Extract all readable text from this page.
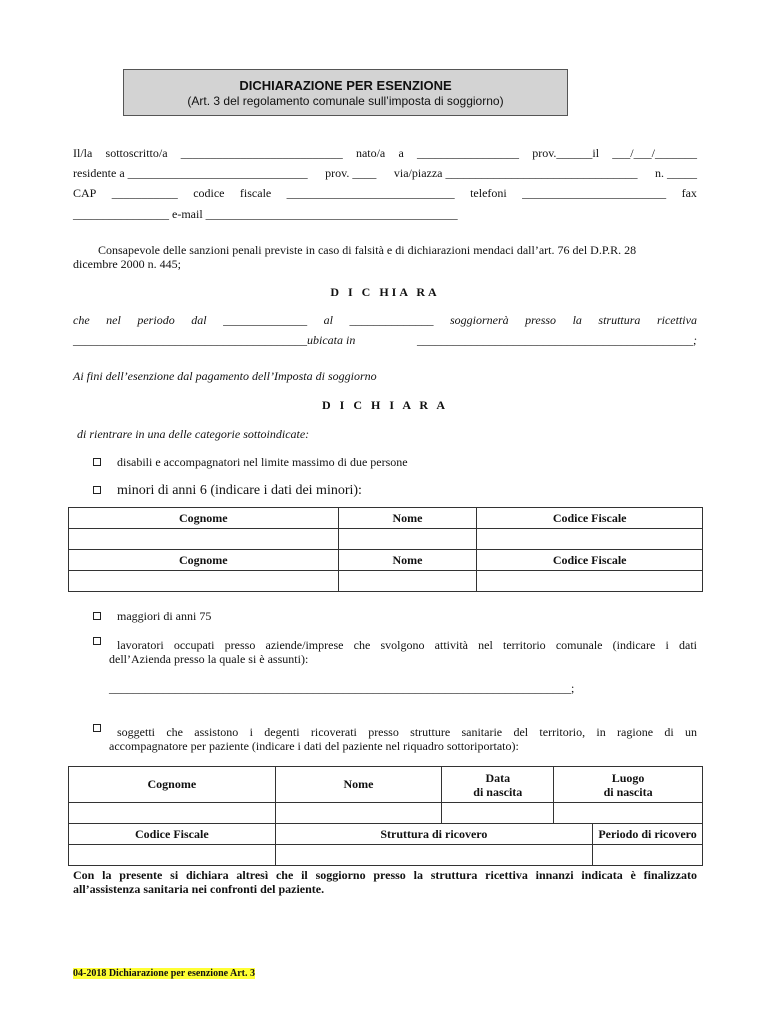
DICHIARAZIONE PER ESENZIONE
(Art. 3 del regolamento comunale sull’imposta di soggiorno)
Il/la sottoscritto/a ___________________________ nato/a a _________________ prov.______il ___/___/_______
residente a ______________________________ prov. ____ via/piazza ________________________________ n. _____
CAP ___________ codice fiscale ____________________________ telefoni ________________________ fax
________________ e-mail __________________________________________
Consapevole delle sanzioni penali previste in caso di falsità e di dichiarazioni mendaci dall’art. 76 del D.P.R. 28
dicembre 2000 n. 445;
D I C HIA RA
che nel periodo dal ______________ al ______________ soggiornerà presso la struttura ricettiva
_______________________________________ubicata in	______________________________________________;
Ai fini dell’esenzione dal pagamento dell’Imposta di soggiorno
D I C H I A R A
di rientrare in una delle categorie sottoindicate:
disabili e accompagnatori nel limite massimo di due persone
minori di anni 6 (indicare i dati dei minori):
Cognome	Nome	Codice Fiscale

Cognome	Nome	Codice Fiscale

maggiori di anni 75
lavoratori occupati presso aziende/imprese che svolgono attività nel territorio comunale (indicare i dati
dell’Azienda presso la quale si è assunti):
_____________________________________________________________________________;
soggetti che assistono i degenti ricoverati presso strutture sanitarie del territorio, in ragione di un
accompagnatore per paziente (indicare i dati del paziente nel riquadro sottoriportato):
Cognome	Nome	Data
di nascita	Luogo
di nascita	

Codice Fiscale	Struttura di ricovero			Periodo di ricovero

Con la presente si dichiara altresì che il soggiorno presso la struttura ricettiva innanzi indicata è finalizzato
all’assistenza sanitaria nei confronti del paziente.
04-2018 Dichiarazione per esenzione Art. 3
